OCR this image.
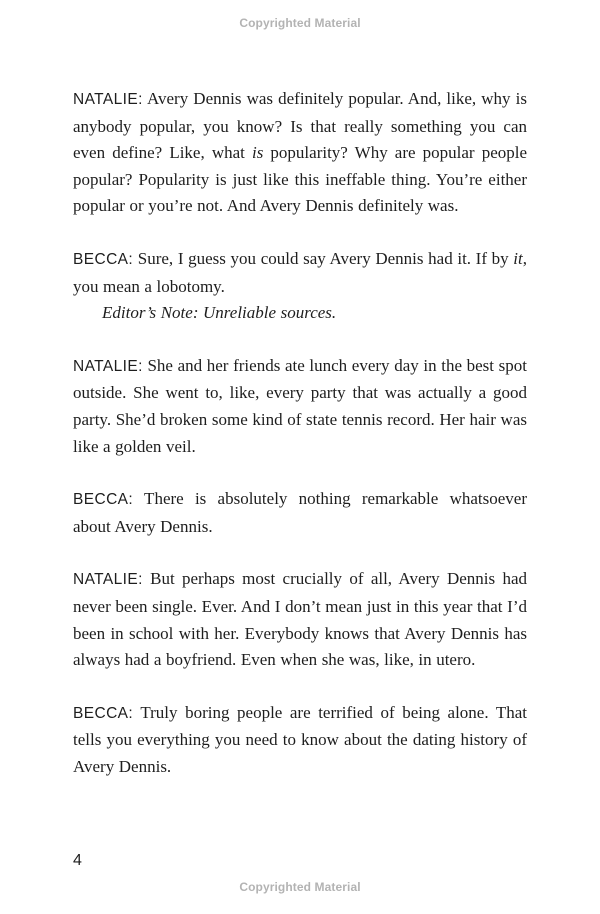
Copyrighted Material

NATALIE: Avery Dennis was definitely popular. And, like, why is anybody popular, you know? Is that really something you can even define? Like, what is popularity? Why are popular people popular? Popularity is just like this ineffable thing. You’re either popular or you’re not. And Avery Dennis definitely was.

BECCA: Sure, I guess you could say Avery Dennis had it. If by it, you mean a lobotomy.
Editor’s Note: Unreliable sources.

NATALIE: She and her friends ate lunch every day in the best spot outside. She went to, like, every party that was actually a good party. She’d broken some kind of state tennis record. Her hair was like a golden veil.

BECCA: There is absolutely nothing remarkable whatsoever about Avery Dennis.

NATALIE: But perhaps most crucially of all, Avery Dennis had never been single. Ever. And I don’t mean just in this year that I’d been in school with her. Everybody knows that Avery Dennis has always had a boyfriend. Even when she was, like, in utero.

BECCA: Truly boring people are terrified of being alone. That tells you everything you need to know about the dating history of Avery Dennis.

4
Copyrighted Material
